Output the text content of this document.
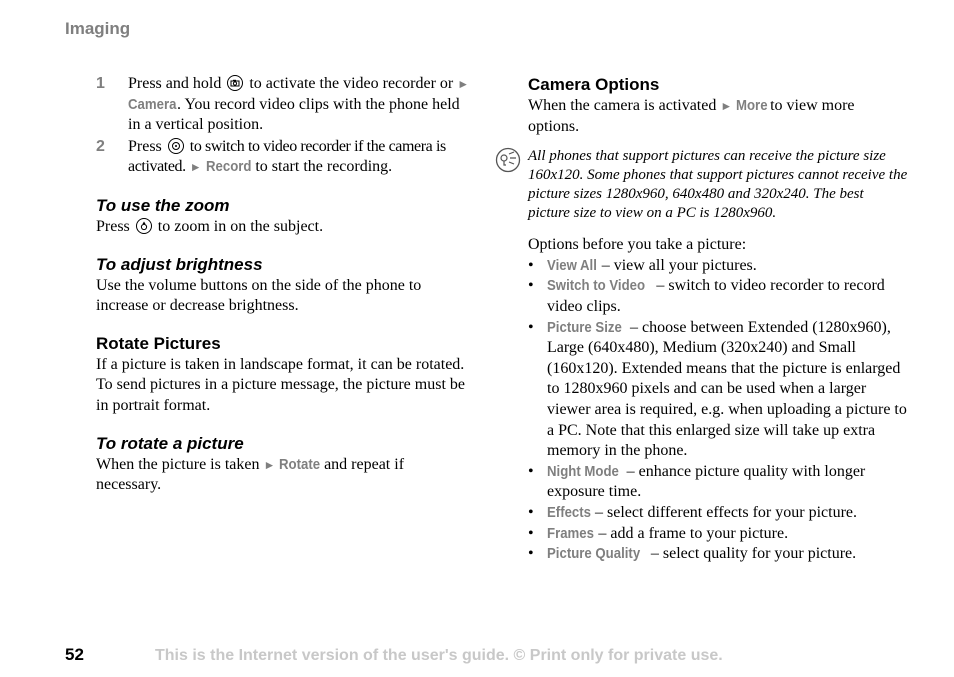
Imaging

1 Press and hold to activate the video recorder or ► Camera. You record video clips with the phone held in a vertical position.

2 Press to switch to video recorder if the camera is activated. ► Record to start the recording.

To use the zoom

Press to zoom in on the subject.

To adjust brightness

Use the volume buttons on the side of the phone to increase or decrease brightness.

Rotate Pictures

If a picture is taken in landscape format, it can be rotated. To send pictures in a picture message, the picture must be in portrait format.

To rotate a picture

When the picture is taken ► Rotate and repeat if necessary.

Camera Options

When the camera is activated ► More to view more options.

All phones that support pictures can receive the picture size 160x120. Some phones that support pictures cannot receive the picture sizes 1280x960, 640x480 and 320x240. The best picture size to view on a PC is 1280x960.

Options before you take a picture:

• View All – view all your pictures.
• Switch to Video – switch to video recorder to record video clips.
• Picture Size – choose between Extended (1280x960), Large (640x480), Medium (320x240) and Small (160x120). Extended means that the picture is enlarged to 1280x960 pixels and can be used when a larger viewer area is required, e.g. when uploading a picture to a PC. Note that this enlarged size will take up extra memory in the phone.
• Night Mode – enhance picture quality with longer exposure time.
• Effects – select different effects for your picture.
• Frames – add a frame to your picture.
• Picture Quality – select quality for your picture.
52	This is the Internet version of the user's guide. © Print only for private use.
